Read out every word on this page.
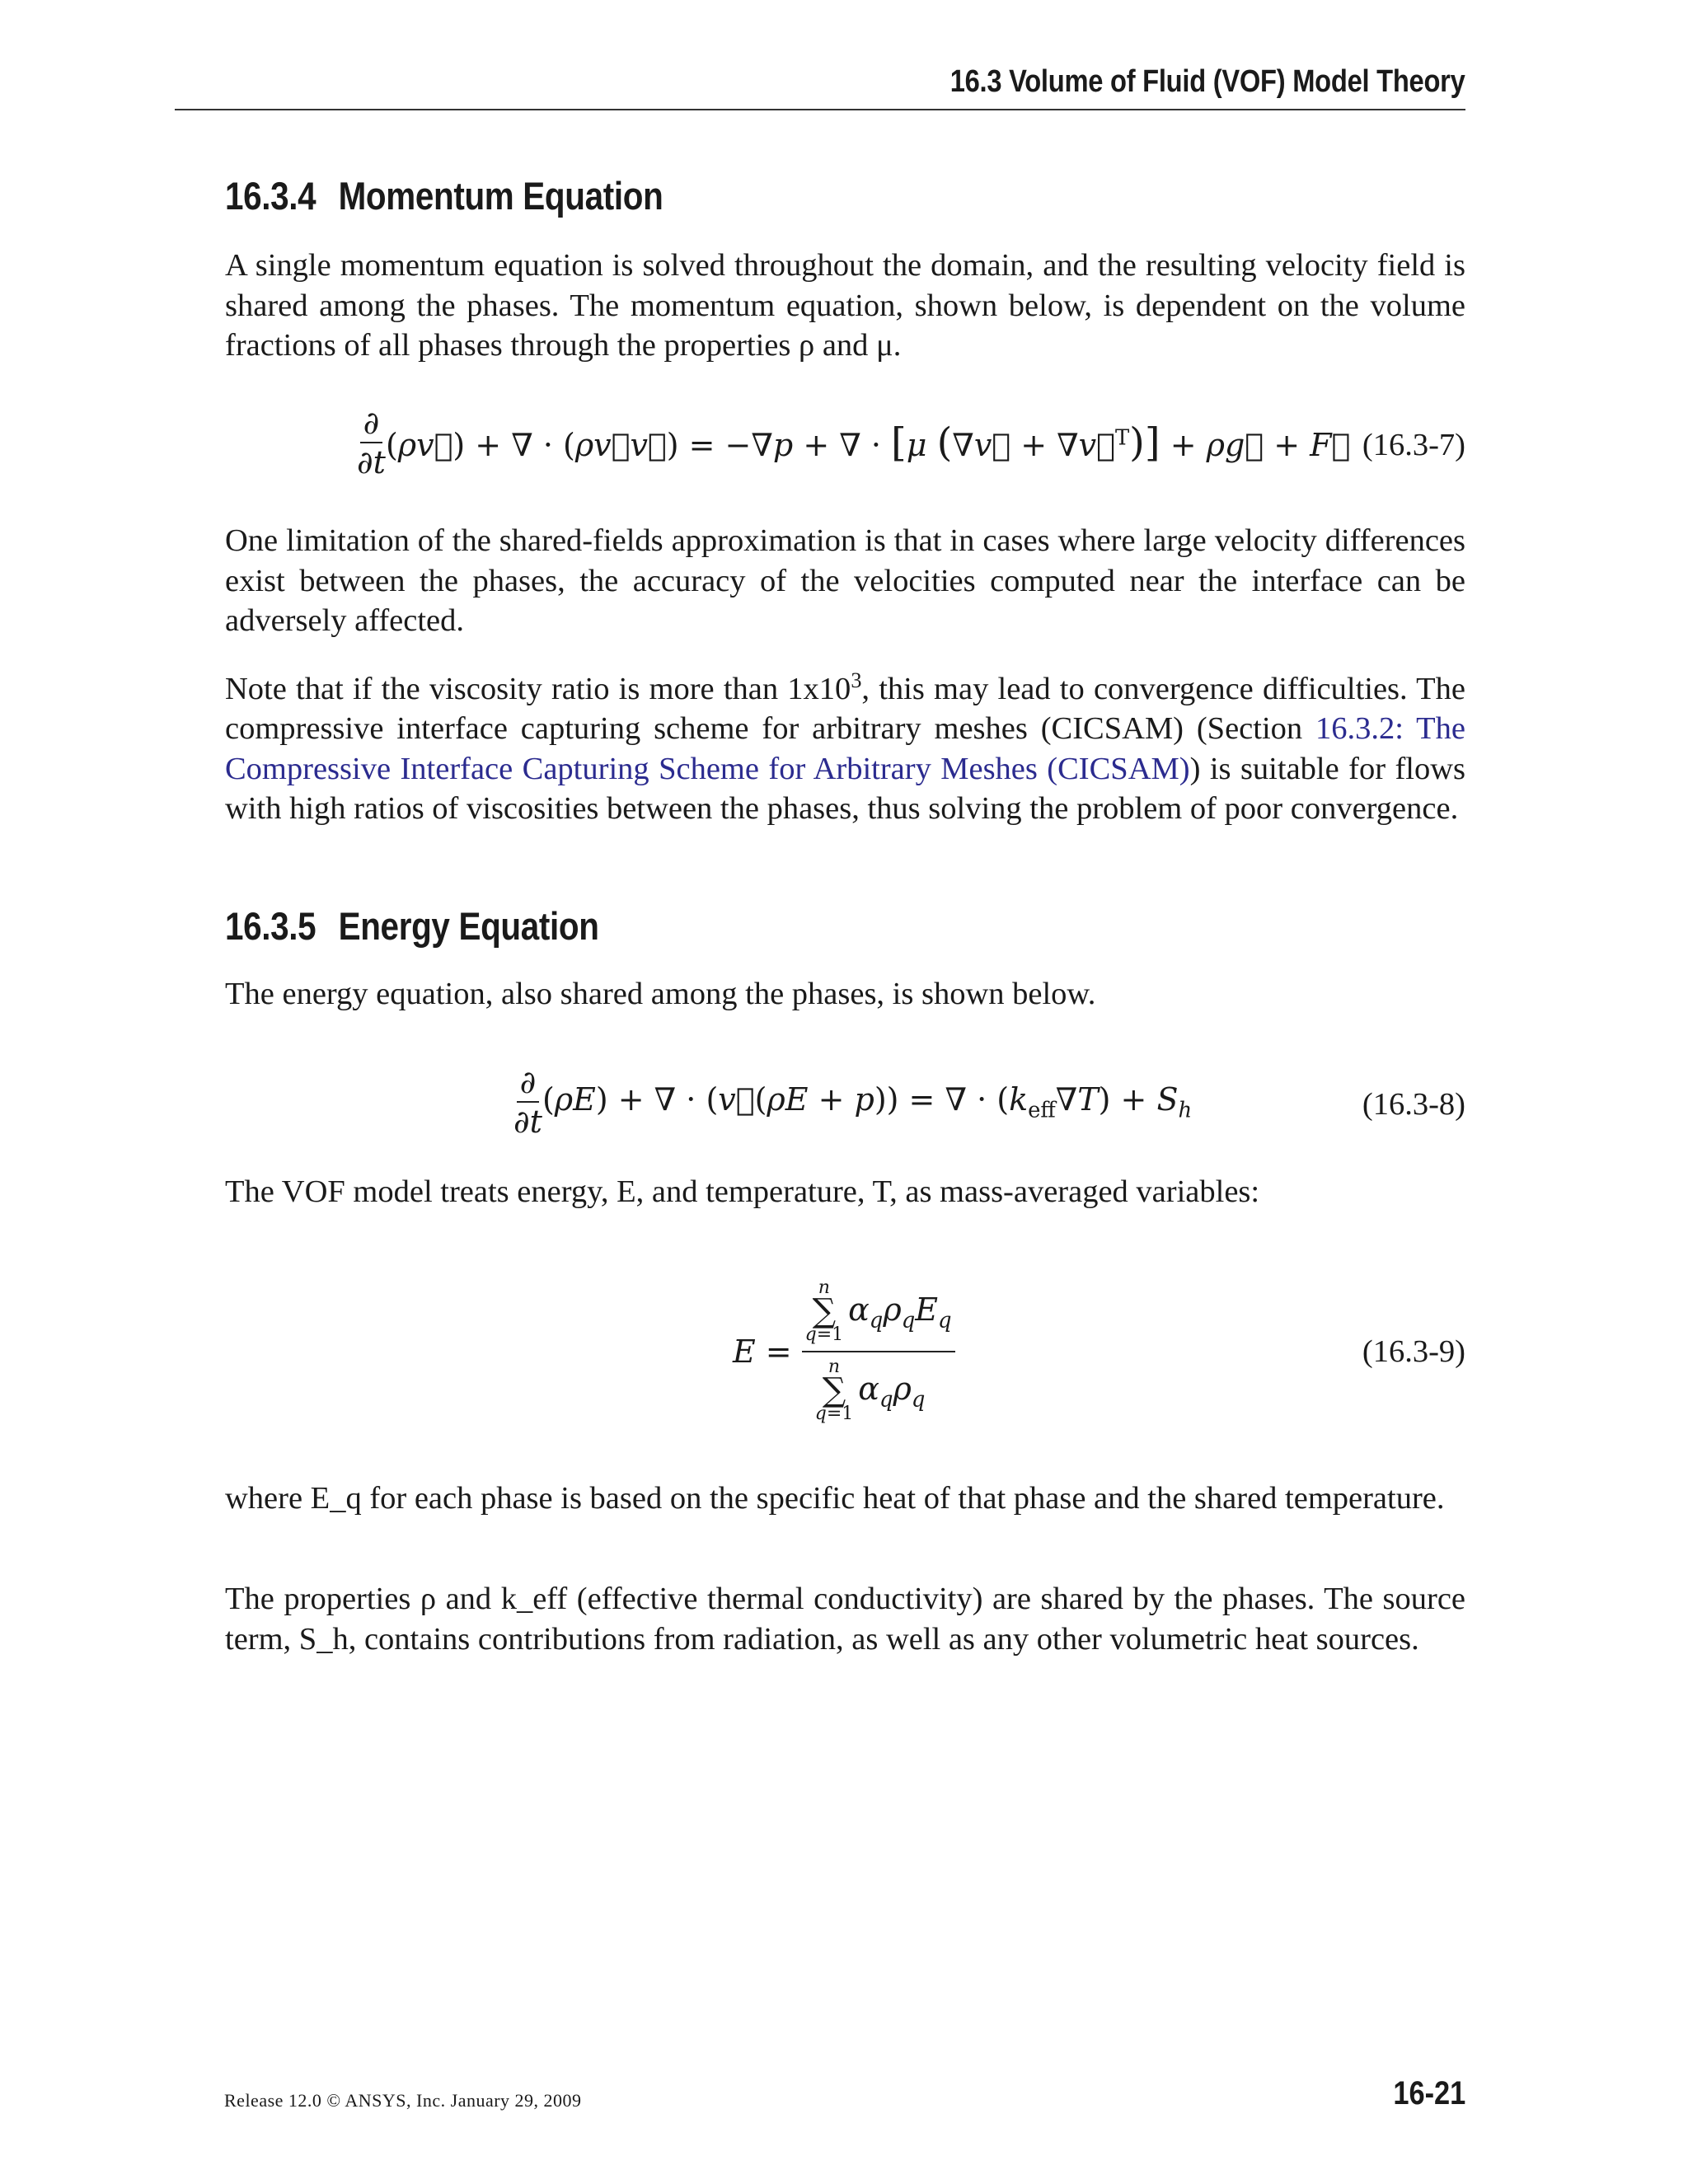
16.3 Volume of Fluid (VOF) Model Theory
16.3.4 Momentum Equation

A single momentum equation is solved throughout the domain, and the resulting velocity field is shared among the phases. The momentum equation, shown below, is dependent on the volume fractions of all phases through the properties ρ and μ.

$\frac{\partial}{\partial t}$ (ρv⃗) + ∇ · (ρv⃗v⃗) = −∇p + ∇ · [μ (∇v⃗ + ∇v⃗$^T$)] + ρg⃗ + F⃗ (16.3-7)

One limitation of the shared-fields approximation is that in cases where large velocity differences exist between the phases, the accuracy of the velocities computed near the interface can be adversely affected.

Note that if the viscosity ratio is more than $1x10^3$, this may lead to convergence difficulties. The compressive interface capturing scheme for arbitrary meshes (CICSAM) (Section 16.3.2: The Compressive Interface Capturing Scheme for Arbitrary Meshes (CICSAM)) is suitable for flows with high ratios of viscosities between the phases, thus solving the problem of poor convergence.

16.3.5 Energy Equation

The energy equation, also shared among the phases, is shown below.

$\frac{\partial}{\partial t} (\rho E)$ + ∇ · (v⃗(ρE + p)) = ∇ · $(k_{eff}\nabla T) + S_h$	(16.3-8)

The VOF model treats energy, E, and temperature, T, as mass-averaged variables:

E =
n
∑
q=1
$\alpha_q\rho_qE_q$
n
∑
q=1
$\alpha_q\rho_q$
(16.3-9)

where E_q for each phase is based on the specific heat of that phase and the shared temperature.

The properties ρ and k_eff (effective thermal conductivity) are shared by the phases. The source term, S_h, contains contributions from radiation, as well as any other volumetric heat sources.

Release 12.0 © ANSYS, Inc. January 29, 2009	16-21
